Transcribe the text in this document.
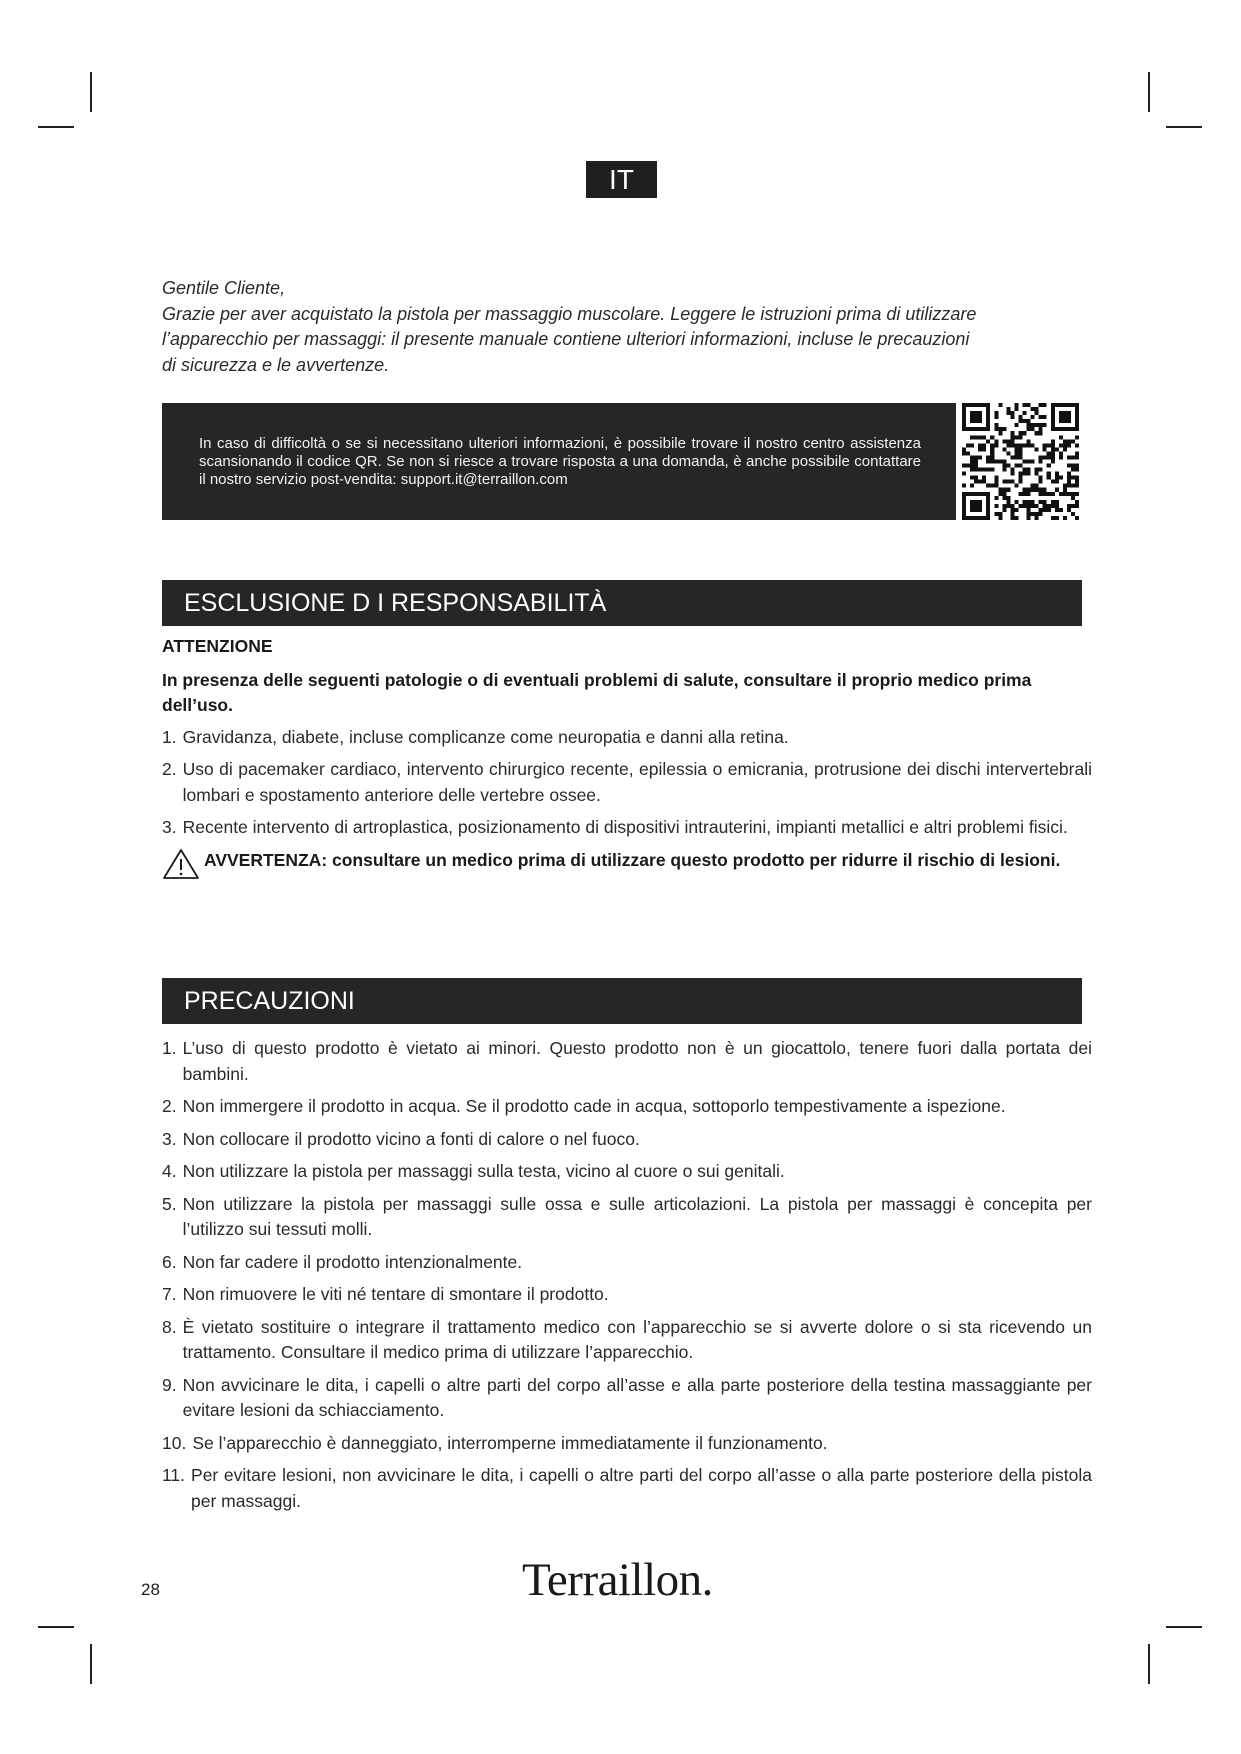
IT

Gentile Cliente,

Grazie per aver acquistato la pistola per massaggio muscolare. Leggere le istruzioni prima di utilizzare

l’apparecchio per massaggi: il presente manuale contiene ulteriori informazioni, incluse le precauzioni

di sicurezza e le avvertenze.

In caso di difficoltà o se si necessitano ulteriori informazioni, è possibile trovare il nostro centro assistenza scansionando il codice QR. Se non si riesce a trovare risposta a una domanda, è anche possibile contattare il nostro servizio post-vendita: support.it@terraillon.com
ESCLUSIONE D I RESPONSABILITÀ

ATTENZIONE

In presenza delle seguenti patologie o di eventuali problemi di salute, consultare il proprio medico prima dell’uso.

1. Gravidanza, diabete, incluse complicanze come neuropatia e danni alla retina.
2. Uso di pacemaker cardiaco, intervento chirurgico recente, epilessia o emicrania, protrusione dei dischi intervertebrali lombari e spostamento anteriore delle vertebre ossee.
3. Recente intervento di artroplastica, posizionamento di dispositivi intrauterini, impianti metallici e altri problemi fisici.
AVVERTENZA: consultare un medico prima di utilizzare questo prodotto per ridurre il rischio di lesioni.
PRECAUZIONI
1. L’uso di questo prodotto è vietato ai minori. Questo prodotto non è un giocattolo, tenere fuori dalla portata dei bambini.
2. Non immergere il prodotto in acqua. Se il prodotto cade in acqua, sottoporlo tempestivamente a ispezione.
3. Non collocare il prodotto vicino a fonti di calore o nel fuoco.
4. Non utilizzare la pistola per massaggi sulla testa, vicino al cuore o sui genitali.
5. Non utilizzare la pistola per massaggi sulle ossa e sulle articolazioni. La pistola per massaggi è concepita per l’utilizzo sui tessuti molli.
6. Non far cadere il prodotto intenzionalmente.
7. Non rimuovere le viti né tentare di smontare il prodotto.
8. È vietato sostituire o integrare il trattamento medico con l’apparecchio se si avverte dolore o si sta ricevendo un trattamento. Consultare il medico prima di utilizzare l’apparecchio.
9. Non avvicinare le dita, i capelli o altre parti del corpo all’asse e alla parte posteriore della testina massaggiante per evitare lesioni da schiacciamento.
10. Se l’apparecchio è danneggiato, interromperne immediatamente il funzionamento.
11. Per evitare lesioni, non avvicinare le dita, i capelli o altre parti del corpo all’asse o alla parte posteriore della pistola per massaggi.
28	Terraillon.
